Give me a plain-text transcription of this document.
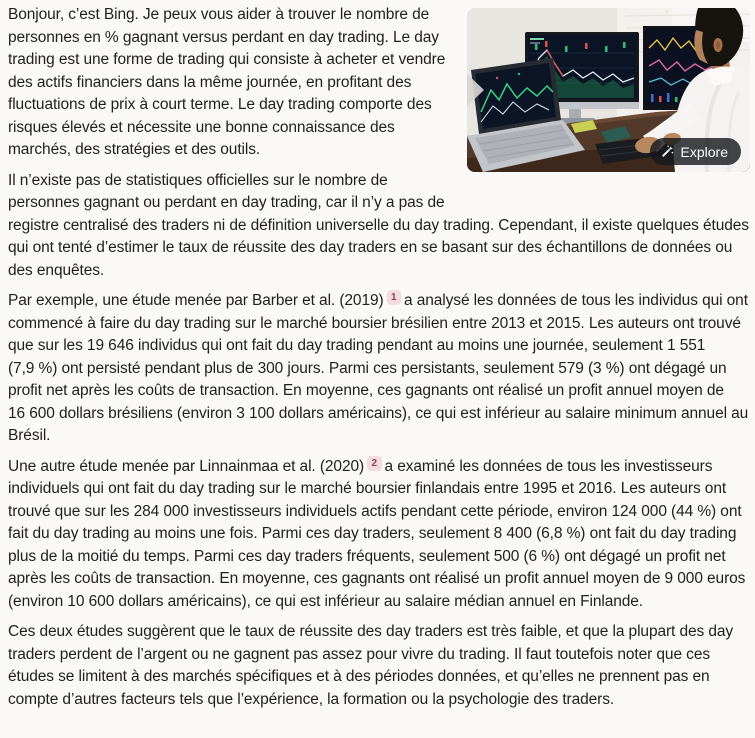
Explore

Bonjour, c’est Bing. Je peux vous aider à trouver le nombre de personnes en % gagnant versus perdant en day trading. Le day trading est une forme de trading qui consiste à acheter et vendre des actifs financiers dans la même journée, en profitant des fluctuations de prix à court terme. Le day trading comporte des risques élevés et nécessite une bonne connaissance des marchés, des stratégies et des outils.

Il n’existe pas de statistiques officielles sur le nombre de personnes gagnant ou perdant en day trading, car il n’y a pas de registre centralisé des traders ni de définition universelle du day trading. Cependant, il existe quelques études qui ont tenté d’estimer le taux de réussite des day traders en se basant sur des échantillons de données ou des enquêtes.

Par exemple, une étude menée par Barber et al. (2019) $^1$ a analysé les données de tous les individus qui ont commencé à faire du day trading sur le marché boursier brésilien entre 2013 et 2015. Les auteurs ont trouvé que sur les 19 646 individus qui ont fait du day trading pendant au moins une journée, seulement 1 551 (7,9 %) ont persisté pendant plus de 300 jours. Parmi ces persistants, seulement 579 (3 %) ont dégagé un profit net après les coûts de transaction. En moyenne, ces gagnants ont réalisé un profit annuel moyen de 16 600 dollars brésiliens (environ 3 100 dollars américains), ce qui est inférieur au salaire minimum annuel au Brésil.

Une autre étude menée par Linnainmaa et al. (2020) $^2$ a examiné les données de tous les investisseurs individuels qui ont fait du day trading sur le marché boursier finlandais entre 1995 et 2016. Les auteurs ont trouvé que sur les 284 000 investisseurs individuels actifs pendant cette période, environ 124 000 (44 %) ont fait du day trading au moins une fois. Parmi ces day traders, seulement 8 400 (6,8 %) ont fait du day trading plus de la moitié du temps. Parmi ces day traders fréquents, seulement 500 (6 %) ont dégagé un profit net après les coûts de transaction. En moyenne, ces gagnants ont réalisé un profit annuel moyen de 9 000 euros (environ 10 600 dollars américains), ce qui est inférieur au salaire médian annuel en Finlande.

Ces deux études suggèrent que le taux de réussite des day traders est très faible, et que la plupart des day traders perdent de l’argent ou ne gagnent pas assez pour vivre du trading. Il faut toutefois noter que ces études se limitent à des marchés spécifiques et à des périodes données, et qu’elles ne prennent pas en compte d’autres facteurs tels que l’expérience, la formation ou la psychologie des traders.
